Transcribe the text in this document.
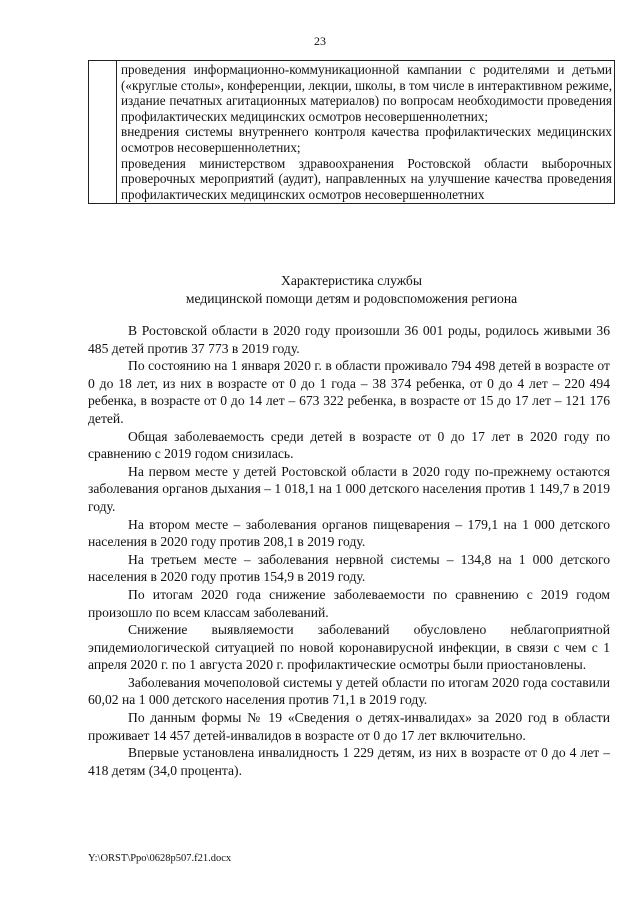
23

проведения информационно-коммуникационной кампании с родителями и детьми («круглые столы», конференции, лекции, школы, в том числе в интерактивном режиме, издание печатных агитационных материалов) по вопросам необходимости проведения профилактических медицинских осмотров несовершеннолетних;

внедрения системы внутреннего контроля качества профилактических медицинских осмотров несовершеннолетних;

проведения министерством здравоохранения Ростовской области выборочных проверочных мероприятий (аудит), направленных на улучшение качества проведения профилактических медицинских осмотров несовершеннолетних

Характеристика службы
медицинской помощи детям и родовспоможения региона

В Ростовской области в 2020 году произошли 36 001 роды, родилось живыми 36 485 детей против 37 773 в 2019 году.

По состоянию на 1 января 2020 г. в области проживало 794 498 детей в возрасте от 0 до 18 лет, из них в возрасте от 0 до 1 года – 38 374 ребенка, от 0 до 4 лет – 220 494 ребенка, в возрасте от 0 до 14 лет – 673 322 ребенка, в возрасте от 15 до 17 лет – 121 176 детей.

Общая заболеваемость среди детей в возрасте от 0 до 17 лет в 2020 году по сравнению с 2019 годом снизилась.

На первом месте у детей Ростовской области в 2020 году по-прежнему остаются заболевания органов дыхания – 1 018,1 на 1 000 детского населения против 1 149,7 в 2019 году.

На втором месте – заболевания органов пищеварения – 179,1 на 1 000 детского населения в 2020 году против 208,1 в 2019 году.

На третьем месте – заболевания нервной системы – 134,8 на 1 000 детского населения в 2020 году против 154,9 в 2019 году.

По итогам 2020 года снижение заболеваемости по сравнению с 2019 годом произошло по всем классам заболеваний.

Снижение выявляемости заболеваний обусловлено неблагоприятной эпидемиологической ситуацией по новой коронавирусной инфекции, в связи с чем с 1 апреля 2020 г. по 1 августа 2020 г. профилактические осмотры были приостановлены.

Заболевания мочеполовой системы у детей области по итогам 2020 года составили 60,02 на 1 000 детского населения против 71,1 в 2019 году.

По данным формы № 19 «Сведения о детях-инвалидах» за 2020 год в области проживает 14 457 детей-инвалидов в возрасте от 0 до 17 лет включительно.

Впервые установлена инвалидность 1 229 детям, из них в возрасте от 0 до 4 лет – 418 детям (34,0 процента).

Y:\ORST\Ppo\0628p507.f21.docx
